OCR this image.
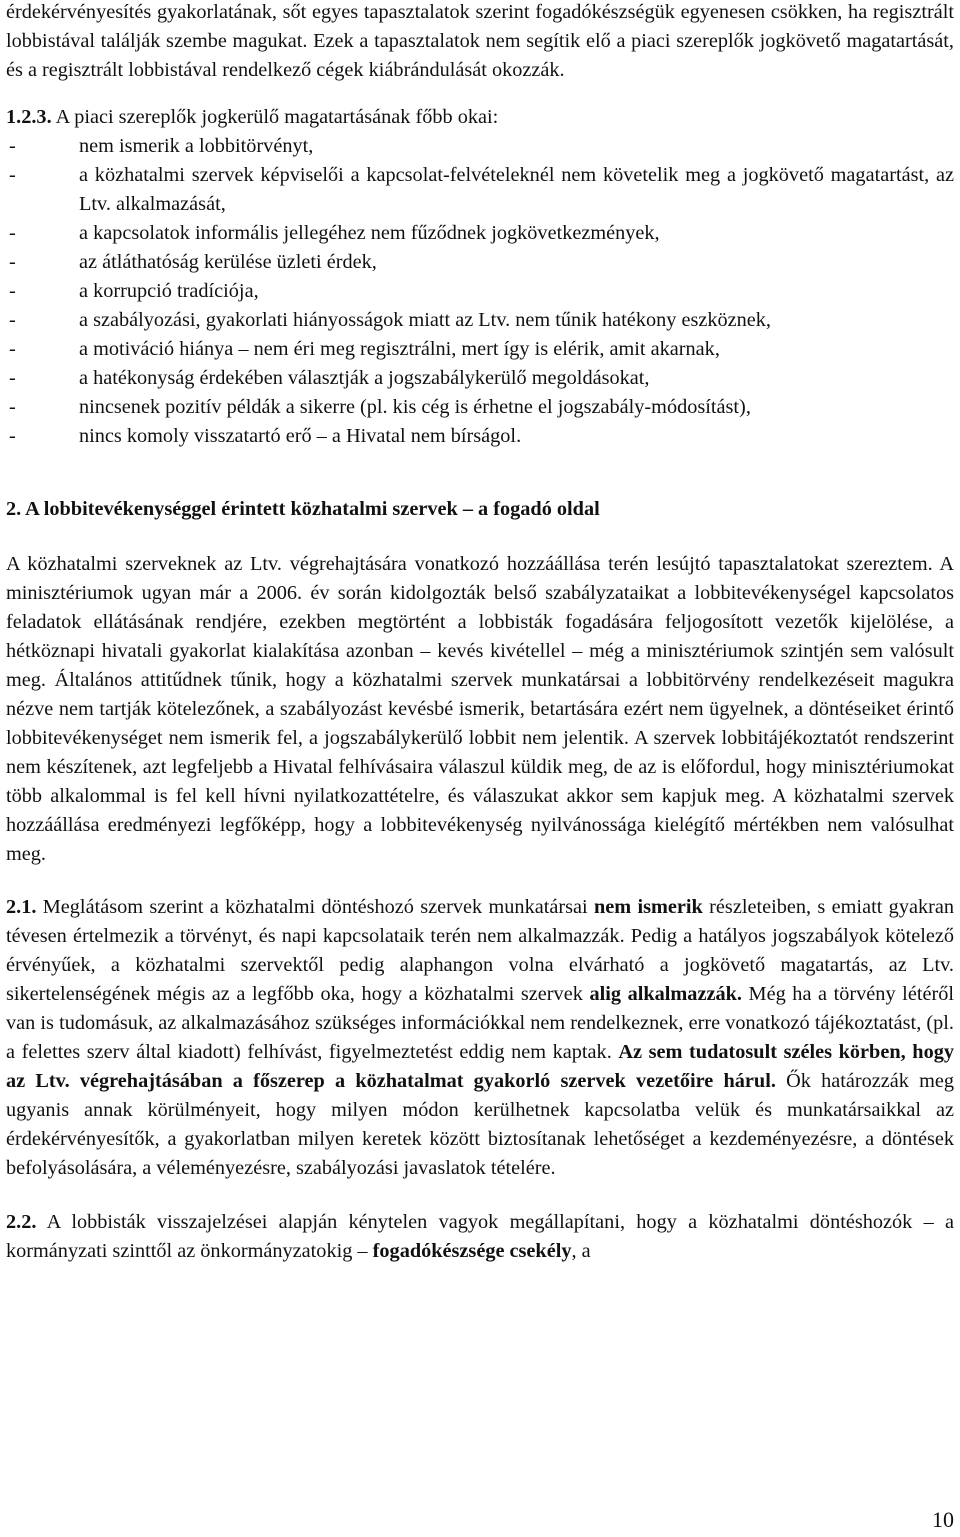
érdekérvényesítés gyakorlatának, sőt egyes tapasztalatok szerint fogadókészségük egyenesen csökken, ha regisztrált lobbistával találják szembe magukat. Ezek a tapasztalatok nem segítik elő a piaci szereplők jogkövető magatartását, és a regisztrált lobbistával rendelkező cégek kiábrándulását okozzák.

1.2.3. A piaci szereplők jogkerülő magatartásának főbb okai:

-	nem ismerik a lobbitörvényt,
-	a közhatalmi szervek képviselői a kapcsolat-felvételeknél nem követelik meg a jogkövető magatartást, az Ltv. alkalmazását,
-	a kapcsolatok informális jellegéhez nem fűződnek jogkövetkezmények,
-	az átláthatóság kerülése üzleti érdek,
-	a korrupció tradíciója,
-	a szabályozási, gyakorlati hiányosságok miatt az Ltv. nem tűnik hatékony eszköznek,
-	a motiváció hiánya – nem éri meg regisztrálni, mert így is elérik, amit akarnak,
-	a hatékonyság érdekében választják a jogszabálykerülő megoldásokat,
-	nincsenek pozitív példák a sikerre (pl. kis cég is érhetne el jogszabály-módosítást),
-	nincs komoly visszatartó erő – a Hivatal nem bírságol.

2. A lobbitevékenységgel érintett közhatalmi szervek – a fogadó oldal

A közhatalmi szerveknek az Ltv. végrehajtására vonatkozó hozzáállása terén lesújtó tapasztalatokat szereztem. A minisztériumok ugyan már a 2006. év során kidolgozták belső szabályzataikat a lobbitevékenységel kapcsolatos feladatok ellátásának rendjére, ezekben megtörtént a lobbisták fogadására feljogosított vezetők kijelölése, a hétköznapi hivatali gyakorlat kialakítása azonban – kevés kivétellel – még a minisztériumok szintjén sem valósult meg. Általános attitűdnek tűnik, hogy a közhatalmi szervek munkatársai a lobbitörvény rendelkezéseit magukra nézve nem tartják kötelezőnek, a szabályozást kevésbé ismerik, betartására ezért nem ügyelnek, a döntéseiket érintő lobbitevékenységet nem ismerik fel, a jogszabálykerülő lobbit nem jelentik. A szervek lobbitájékoztatót rendszerint nem készítenek, azt legfeljebb a Hivatal felhívásaira válaszul küldik meg, de az is előfordul, hogy minisztériumokat több alkalommal is fel kell hívni nyilatkozattételre, és válaszukat akkor sem kapjuk meg. A közhatalmi szervek hozzáállása eredményezi legfőképp, hogy a lobbitevékenység nyilvánossága kielégítő mértékben nem valósulhat meg.

2.1. Meglátásom szerint a közhatalmi döntéshozó szervek munkatársai nem ismerik részleteiben, s emiatt gyakran tévesen értelmezik a törvényt, és napi kapcsolataik terén nem alkalmazzák. Pedig a hatályos jogszabályok kötelező érvényűek, a közhatalmi szervektől pedig alaphangon volna elvárható a jogkövető magatartás, az Ltv. sikertelenségének mégis az a legfőbb oka, hogy a közhatalmi szervek alig alkalmazzák. Még ha a törvény létéről van is tudomásuk, az alkalmazásához szükséges információkkal nem rendelkeznek, erre vonatkozó tájékoztatást, (pl. a felettes szerv által kiadott) felhívást, figyelmeztetést eddig nem kaptak. Az sem tudatosult széles körben, hogy az Ltv. végrehajtásában a főszerep a közhatalmat gyakorló szervek vezetőire hárul. Ők határozzák meg ugyanis annak körülményeit, hogy milyen módon kerülhetnek kapcsolatba velük és munkatársaikkal az érdekérvényesítők, a gyakorlatban milyen keretek között biztosítanak lehetőséget a kezdeményezésre, a döntések befolyásolására, a véleményezésre, szabályozási javaslatok tételére.

2.2. A lobbisták visszajelzései alapján kénytelen vagyok megállapítani, hogy a közhatalmi döntéshozók – a kormányzati szinttől az önkormányzatokig – fogadókészsége csekély, a

10
